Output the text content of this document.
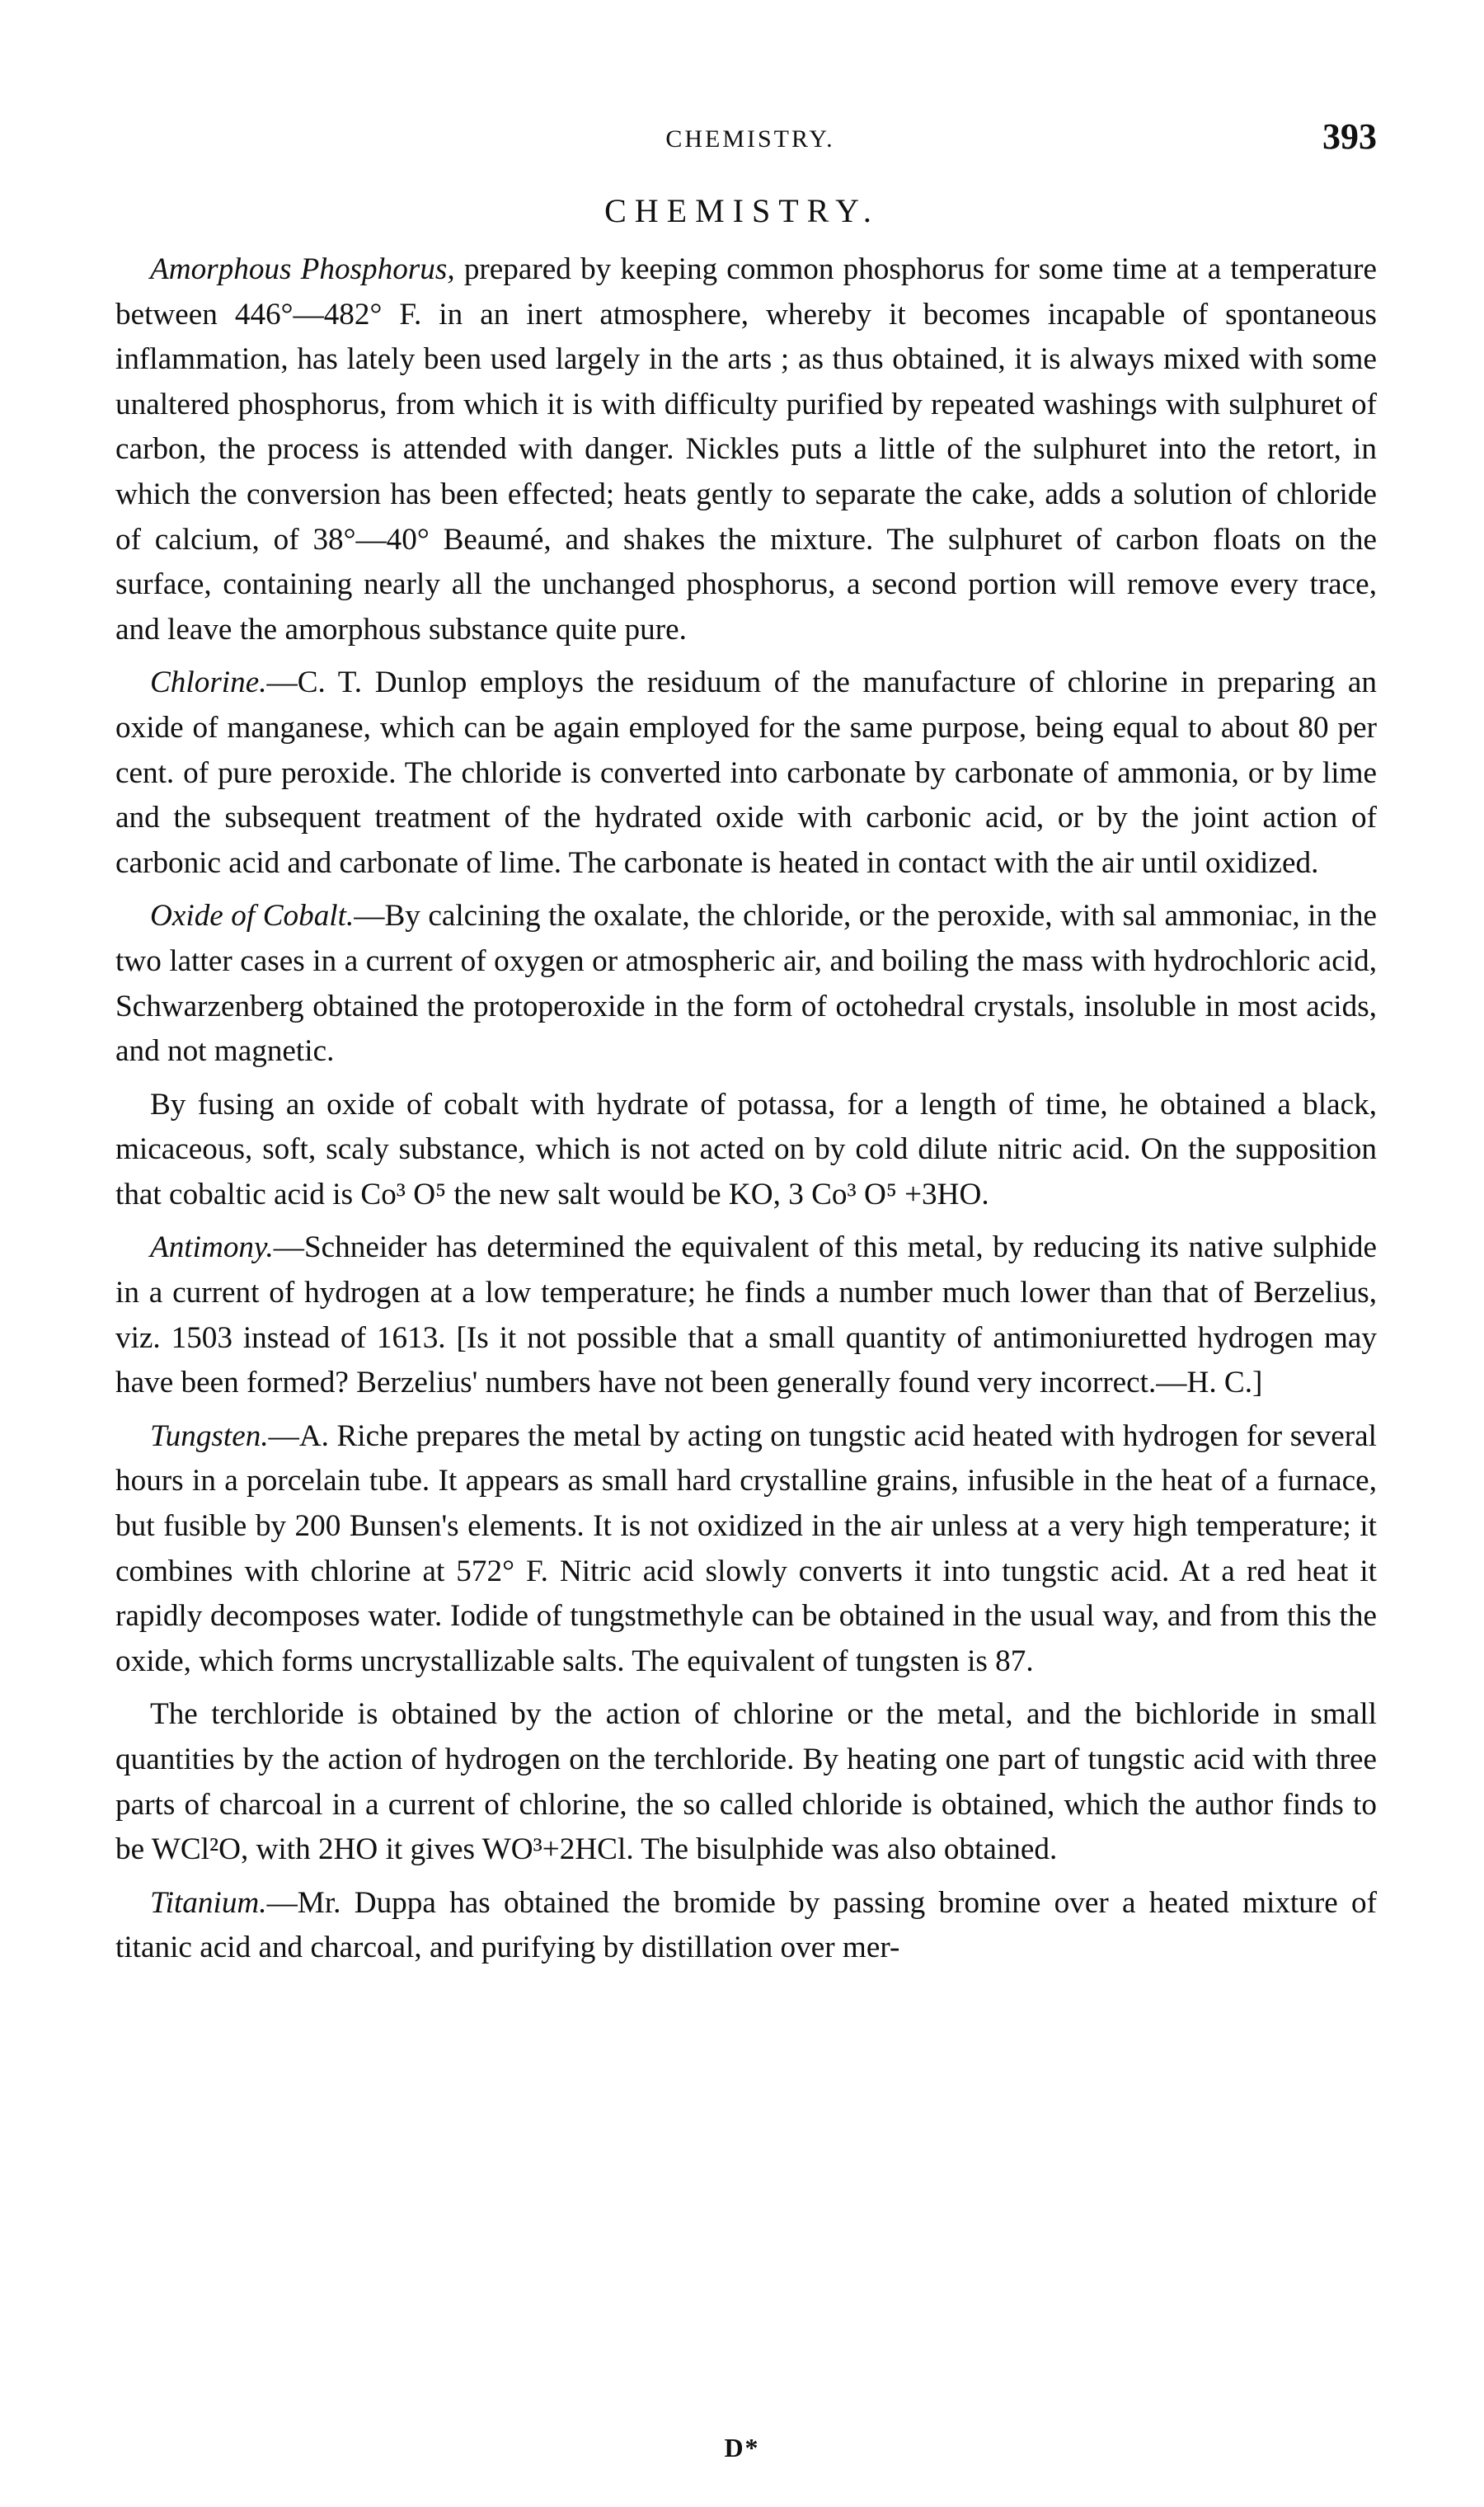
CHEMISTRY.	393
CHEMISTRY.

Amorphous Phosphorus, prepared by keeping common phosphorus for some time at a temperature between 446°—482° F. in an inert atmosphere, whereby it becomes incapable of spontaneous inflammation, has lately been used largely in the arts ; as thus obtained, it is always mixed with some unaltered phosphorus, from which it is with difficulty purified by repeated washings with sulphuret of carbon, the process is attended with danger. Nickles puts a little of the sulphuret into the retort, in which the conversion has been effected; heats gently to separate the cake, adds a solution of chloride of calcium, of 38°—40° Beaumé, and shakes the mixture. The sulphuret of carbon floats on the surface, containing nearly all the unchanged phosphorus, a second portion will remove every trace, and leave the amorphous substance quite pure.

Chlorine.—C. T. Dunlop employs the residuum of the manufacture of chlorine in preparing an oxide of manganese, which can be again employed for the same purpose, being equal to about 80 per cent. of pure peroxide. The chloride is converted into carbonate by carbonate of ammonia, or by lime and the subsequent treatment of the hydrated oxide with carbonic acid, or by the joint action of carbonic acid and carbonate of lime. The carbonate is heated in contact with the air until oxidized.

Oxide of Cobalt.—By calcining the oxalate, the chloride, or the peroxide, with sal ammoniac, in the two latter cases in a current of oxygen or atmospheric air, and boiling the mass with hydrochloric acid, Schwarzenberg obtained the protoperoxide in the form of octohedral crystals, insoluble in most acids, and not magnetic.

By fusing an oxide of cobalt with hydrate of potassa, for a length of time, he obtained a black, micaceous, soft, scaly substance, which is not acted on by cold dilute nitric acid. On the supposition that cobaltic acid is Co³ O⁵ the new salt would be KO, 3 Co³ O⁵ +3HO.

Antimony.—Schneider has determined the equivalent of this metal, by reducing its native sulphide in a current of hydrogen at a low temperature; he finds a number much lower than that of Berzelius, viz. 1503 instead of 1613. [Is it not possible that a small quantity of antimoniuretted hydrogen may have been formed? Berzelius' numbers have not been generally found very incorrect.—H. C.]

Tungsten.—A. Riche prepares the metal by acting on tungstic acid heated with hydrogen for several hours in a porcelain tube. It appears as small hard crystalline grains, infusible in the heat of a furnace, but fusible by 200 Bunsen's elements. It is not oxidized in the air unless at a very high temperature; it combines with chlorine at 572° F. Nitric acid slowly converts it into tungstic acid. At a red heat it rapidly decomposes water. Iodide of tungstmethyle can be obtained in the usual way, and from this the oxide, which forms uncrystallizable salts. The equivalent of tungsten is 87.

The terchloride is obtained by the action of chlorine or the metal, and the bichloride in small quantities by the action of hydrogen on the terchloride. By heating one part of tungstic acid with three parts of charcoal in a current of chlorine, the so called chloride is obtained, which the author finds to be WCl²O, with 2HO it gives WO³+2HCl. The bisulphide was also obtained.

Titanium.—Mr. Duppa has obtained the bromide by passing bromine over a heated mixture of titanic acid and charcoal, and purifying by distillation over mer-

D*
